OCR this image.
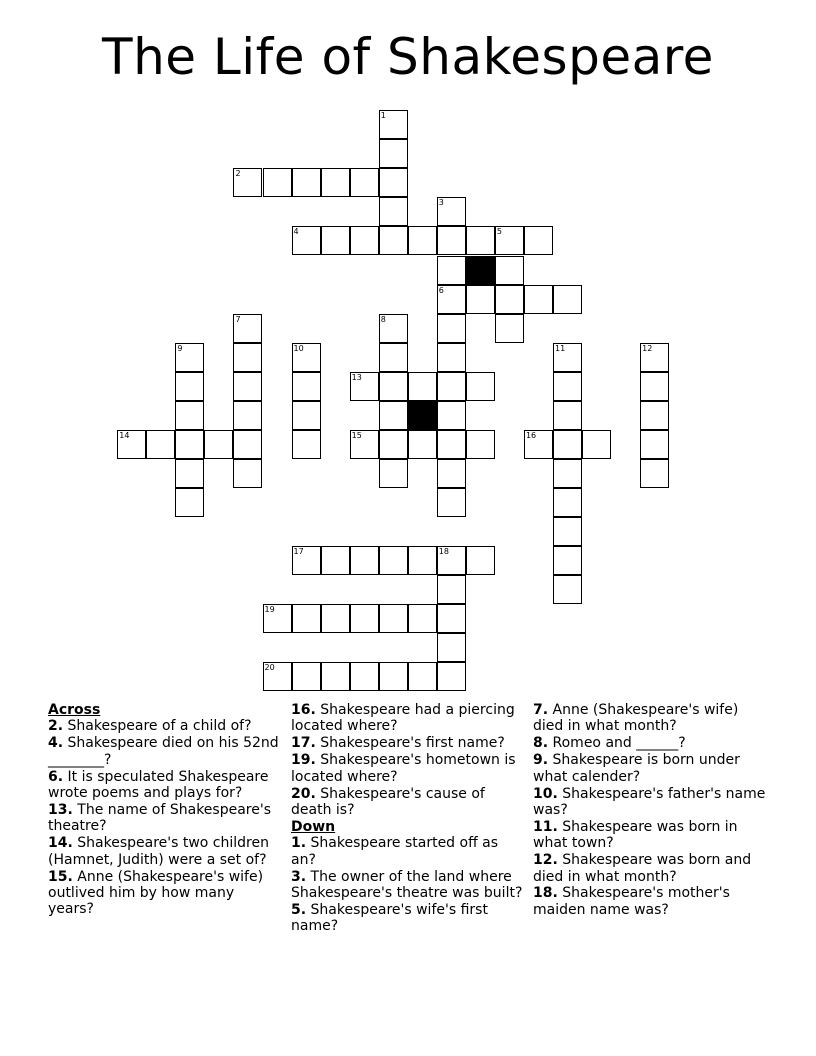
The Life of Shakespeare
1
2
3
4	5
6
7	8
9	10	11	12
13
14	15	16
17	18
19
20
Across
2. Shakespeare of a child of?
4. Shakespeare died on his 52nd ________?
6. It is speculated Shakespeare wrote poems and plays for?
13. The name of Shakespeare's theatre?
14. Shakespeare's two children (Hamnet, Judith) were a set of?
15. Anne (Shakespeare's wife) outlived him by how many years?
16. Shakespeare had a piercing located where?
17. Shakespeare's first name?
19. Shakespeare's hometown is located where?
20. Shakespeare's cause of death is?
Down
1. Shakespeare started off as an?
3. The owner of the land where Shakespeare's theatre was built?
5. Shakespeare's wife's first name?
7. Anne (Shakespeare's wife) died in what month?
8. Romeo and ______?
9. Shakespeare is born under what calender?
10. Shakespeare's father's name was?
11. Shakespeare was born in what town?
12. Shakespeare was born and died in what month?
18. Shakespeare's mother's maiden name was?
